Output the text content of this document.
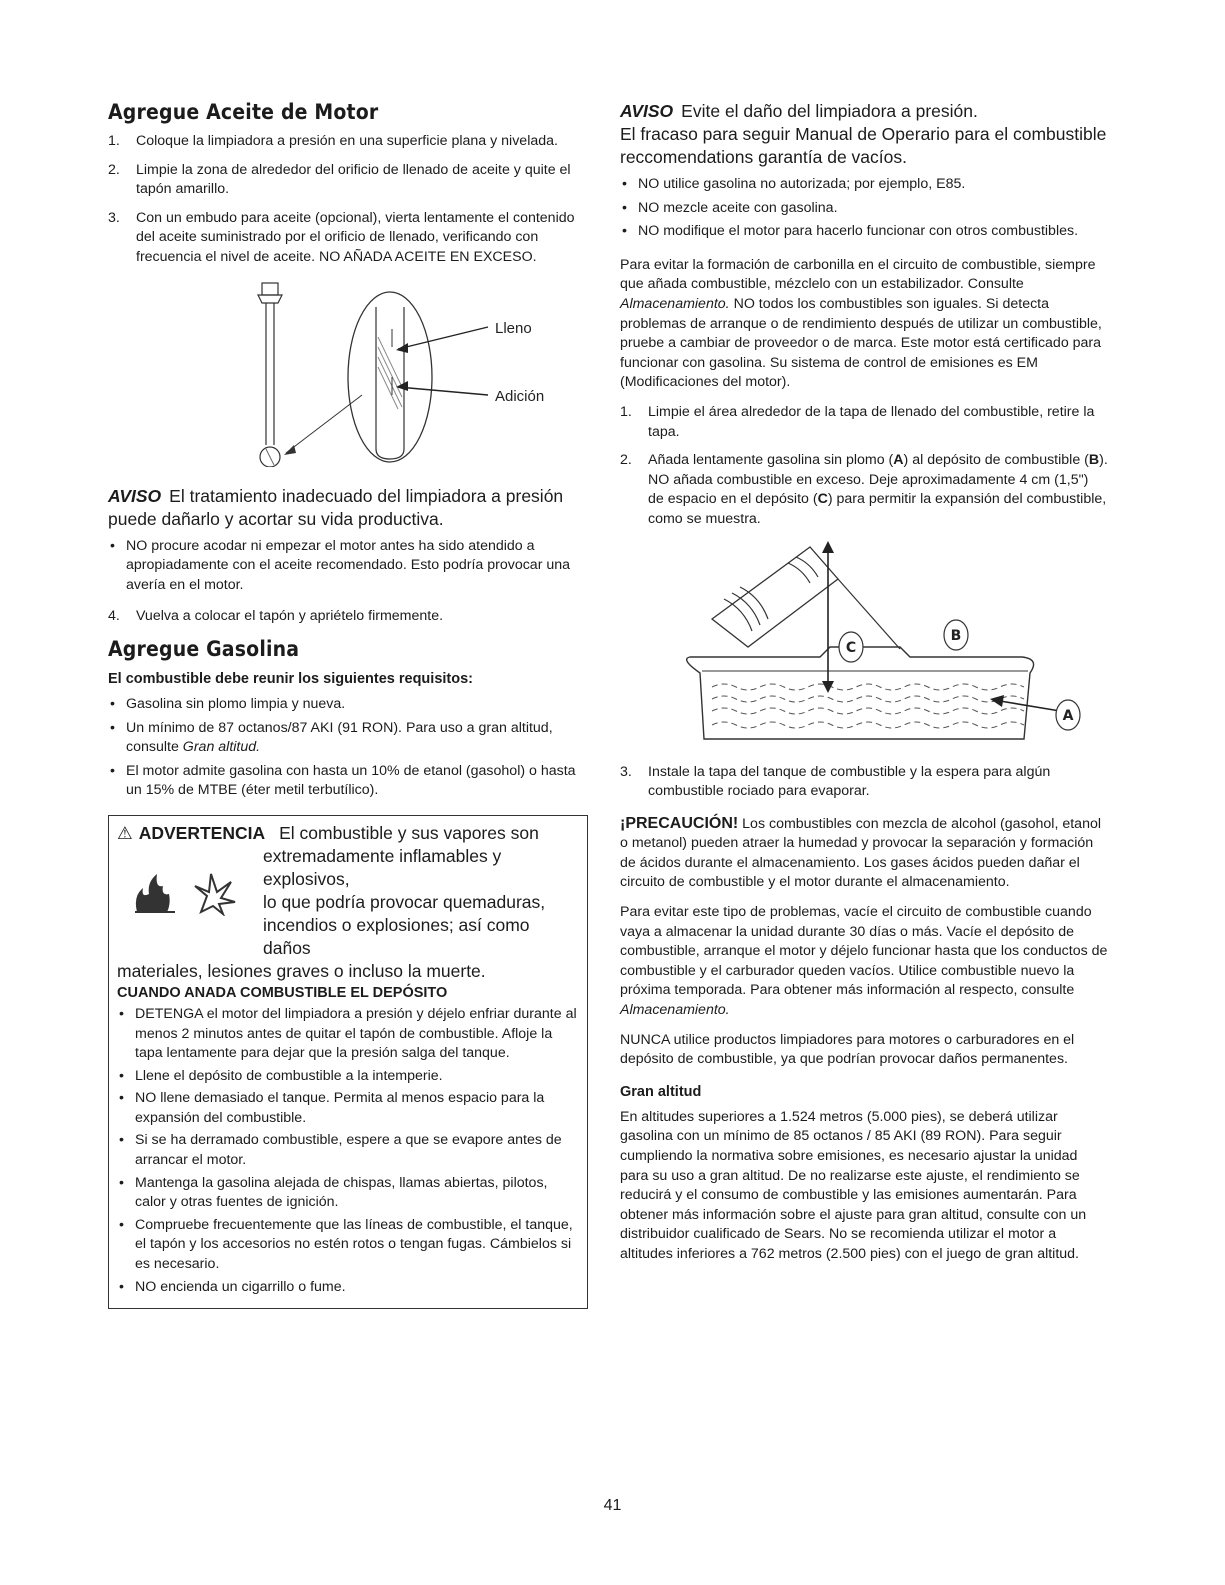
Agregue Aceite de Motor
1. Coloque la limpiadora a presión en una superficie plana y nivelada.
2. Limpie la zona de alrededor del orificio de llenado de aceite y quite el tapón amarillo.
3. Con un embudo para aceite (opcional), vierta lentamente el contenido del aceite suministrado por el orificio de llenado, verificando con frecuencia el nivel de aceite. NO AÑADA ACEITE EN EXCESO.
Lleno
Adición

AVISO El tratamiento inadecuado del limpiadora a presión puede dañarlo y acortar su vida productiva.

• NO procure acodar ni empezar el motor antes ha sido atendido a apropiadamente con el aceite recomendado. Esto podría provocar una avería en el motor.
4. Vuelva a colocar el tapón y apriételo firmemente.
Agregue Gasolina
El combustible debe reunir los siguientes requisitos:
• Gasolina sin plomo limpia y nueva.
• Un mínimo de 87 octanos/87 AKI (91 RON). Para uso a gran altitud, consulte Gran altitud.
• El motor admite gasolina con hasta un 10% de etanol (gasohol) o hasta un 15% de MTBE (éter metil terbutílico).
⚠ ADVERTENCIA El combustible y sus vapores son
extremadamente inflamables y explosivos,
lo que podría provocar quemaduras,
incendios o explosiones; así como daños
materiales, lesiones graves o incluso la muerte.
CUANDO ANADA COMBUSTIBLE EL DEPÓSITO
• DETENGA el motor del limpiadora a presión y déjelo enfriar durante al menos 2 minutos antes de quitar el tapón de combustible. Afloje la tapa lentamente para dejar que la presión salga del tanque.
• Llene el depósito de combustible a la intemperie.
• NO llene demasiado el tanque. Permita al menos espacio para la expansión del combustible.
• Si se ha derramado combustible, espere a que se evapore antes de arrancar el motor.
• Mantenga la gasolina alejada de chispas, llamas abiertas, pilotos, calor y otras fuentes de ignición.
• Compruebe frecuentemente que las líneas de combustible, el tanque, el tapón y los accesorios no estén rotos o tengan fugas. Cámbielos si es necesario.
• NO encienda un cigarrillo o fume.

AVISO Evite el daño del limpiadora a presión.
El fracaso para seguir Manual de Operario para el combustible reccomendations garantía de vacíos.

• NO utilice gasolina no autorizada; por ejemplo, E85.
• NO mezcle aceite con gasolina.
• NO modifique el motor para hacerlo funcionar con otros combustibles.

Para evitar la formación de carbonilla en el circuito de combustible, siempre que añada combustible, mézclelo con un estabilizador. Consulte Almacenamiento. NO todos los combustibles son iguales. Si detecta problemas de arranque o de rendimiento después de utilizar un combustible, pruebe a cambiar de proveedor o de marca. Este motor está certificado para funcionar con gasolina. Su sistema de control de emisiones es EM (Modificaciones del motor).

1. Limpie el área alrededor de la tapa de llenado del combustible, retire la tapa.
2. Añada lentamente gasolina sin plomo (A) al depósito de combustible (B). NO añada combustible en exceso. Deje aproximadamente 4 cm (1,5") de espacio en el depósito (C) para permitir la expansión del combustible, como se muestra.
C
B
A
3. Instale la tapa del tanque de combustible y la espera para algún combustible rociado para evaporar.

¡PRECAUCIÓN! Los combustibles con mezcla de alcohol (gasohol, etanol o metanol) pueden atraer la humedad y provocar la separación y formación de ácidos durante el almacenamiento. Los gases ácidos pueden dañar el circuito de combustible y el motor durante el almacenamiento.

Para evitar este tipo de problemas, vacíe el circuito de combustible cuando vaya a almacenar la unidad durante 30 días o más. Vacíe el depósito de combustible, arranque el motor y déjelo funcionar hasta que los conductos de combustible y el carburador queden vacíos. Utilice combustible nuevo la próxima temporada. Para obtener más información al respecto, consulte Almacenamiento.

NUNCA utilice productos limpiadores para motores o carburadores en el depósito de combustible, ya que podrían provocar daños permanentes.

Gran altitud

En altitudes superiores a 1.524 metros (5.000 pies), se deberá utilizar gasolina con un mínimo de 85 octanos / 85 AKI (89 RON). Para seguir cumpliendo la normativa sobre emisiones, es necesario ajustar la unidad para su uso a gran altitud. De no realizarse este ajuste, el rendimiento se reducirá y el consumo de combustible y las emisiones aumentarán. Para obtener más información sobre el ajuste para gran altitud, consulte con un distribuidor cualificado de Sears. No se recomienda utilizar el motor a altitudes inferiores a 762 metros (2.500 pies) con el juego de gran altitud.

41
